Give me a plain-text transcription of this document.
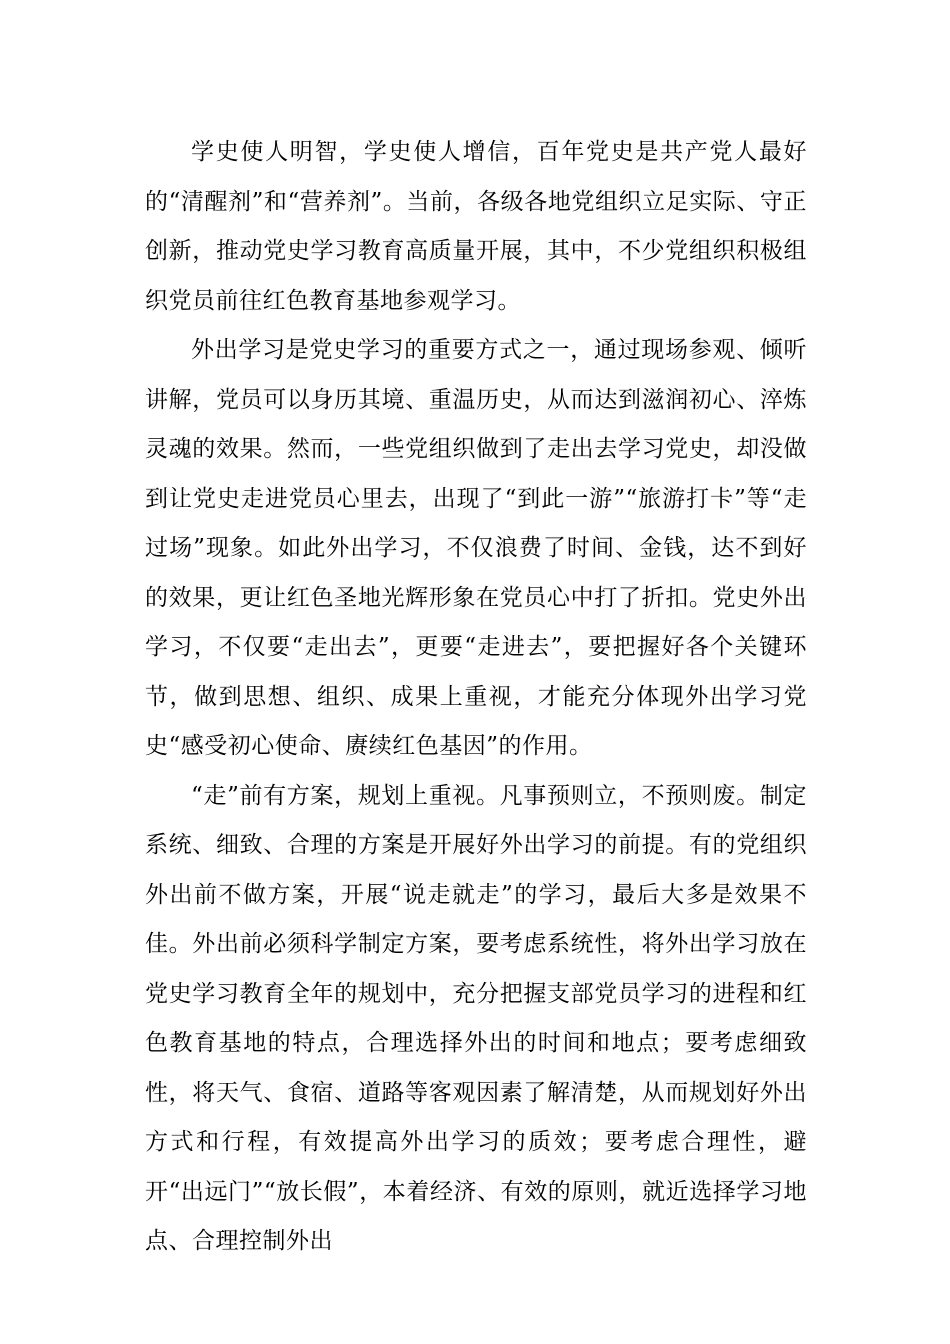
学史使人明智，学史使人增信，百年党史是共产党人最好的“清醒剂”和“营养剂”。当前，各级各地党组织立足实际、守正创新，推动党史学习教育高质量开展，其中，不少党组织积极组织党员前往红色教育基地参观学习。

外出学习是党史学习的重要方式之一，通过现场参观、倾听讲解，党员可以身历其境、重温历史，从而达到滋润初心、淬炼灵魂的效果。然而，一些党组织做到了走出去学习党史，却没做到让党史走进党员心里去，出现了“到此一游”“旅游打卡”等“走过场”现象。如此外出学习，不仅浪费了时间、金钱，达不到好的效果，更让红色圣地光辉形象在党员心中打了折扣。党史外出学习，不仅要“走出去”，更要“走进去”，要把握好各个关键环节，做到思想、组织、成果上重视，才能充分体现外出学习党史“感受初心使命、赓续红色基因”的作用。

“走”前有方案，规划上重视。凡事预则立，不预则废。制定系统、细致、合理的方案是开展好外出学习的前提。有的党组织外出前不做方案，开展“说走就走”的学习，最后大多是效果不佳。外出前必须科学制定方案，要考虑系统性，将外出学习放在党史学习教育全年的规划中，充分把握支部党员学习的进程和红色教育基地的特点，合理选择外出的时间和地点；要考虑细致性，将天气、食宿、道路等客观因素了解清楚，从而规划好外出方式和行程，有效提高外出学习的质效；要考虑合理性，避开“出远门”“放长假”，本着经济、有效的原则，就近选择学习地点、合理控制外出
